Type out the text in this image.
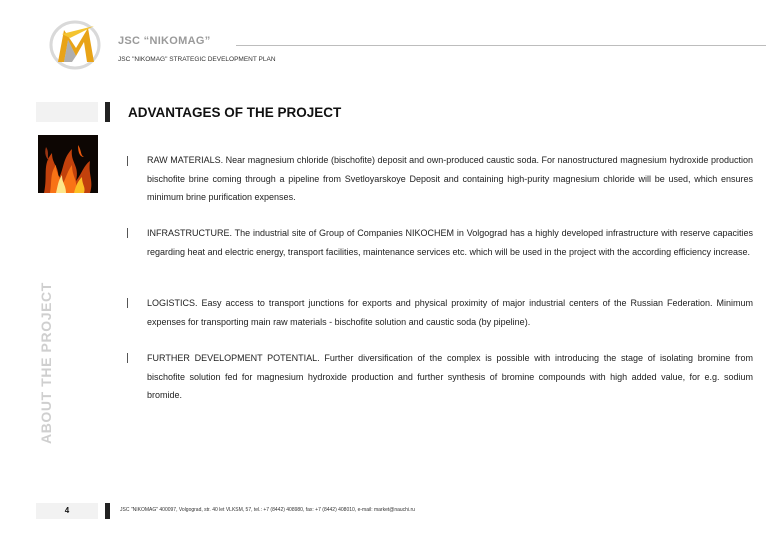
JSC “NIKOMAG”
JSC "NIKOMAG" STRATEGIC DEVELOPMENT PLAN
ADVANTAGES OF THE PROJECT
ABOUT THE PROJECT
RAW MATERIALS. Near magnesium chloride (bischofite) deposit and own-produced caustic soda. For nanostructured magnesium hydroxide production bischofite brine coming through a pipeline from Svetloyarskoye Deposit and containing high-purity magnesium chloride will be used, which ensures minimum brine purification expenses.
INFRASTRUCTURE. The industrial site of Group of Companies NIKOCHEM in Volgograd has a highly developed infrastructure with reserve capacities regarding heat and electric energy, transport facilities, maintenance services etc. which will be used in the project with the according efficiency increase.
LOGISTICS. Easy access to transport junctions for exports and physical proximity of major industrial centers of the Russian Federation. Minimum expenses for transporting main raw materials - bischofite solution and caustic soda (by pipeline).
FURTHER DEVELOPMENT POTENTIAL. Further diversification of the complex is possible with introducing the stage of isolating bromine from bischofite solution fed for magnesium hydroxide production and further synthesis of bromine compounds with high added value, for e.g. sodium bromide.
4	JSC "NIKOMAG" 400097, Volgograd, str. 40 let VLKSM, 57, tel.: +7 (8442) 408980, fax: +7 (8442) 408010, e-mail: market@nauchi.ru
